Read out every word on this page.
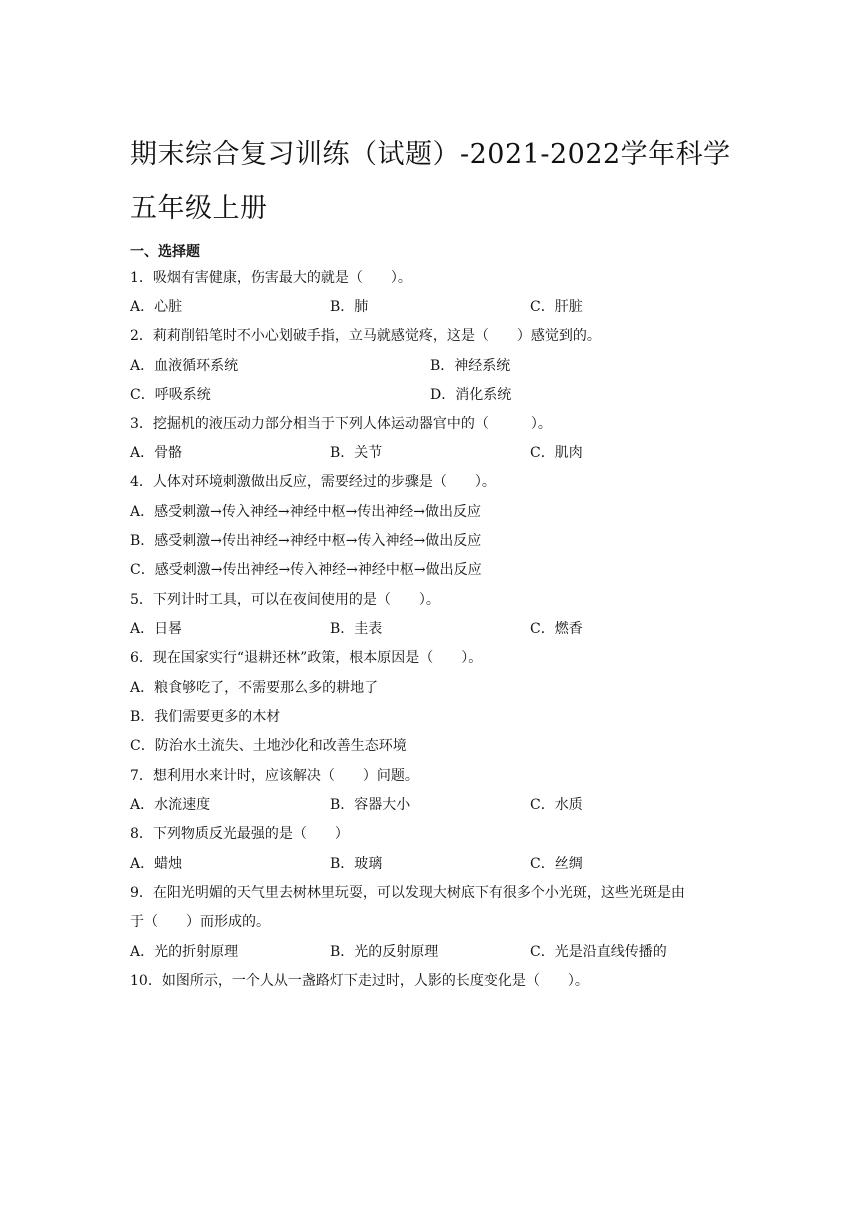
期末综合复习训练（试题）-2021-2022学年科学五年级上册
一、选择题
1．吸烟有害健康，伤害最大的就是（　　）。
A．心脏	B．肺	C．肝脏
2．莉莉削铅笔时不小心划破手指，立马就感觉疼，这是（　　）感觉到的。
A．血液循环系统	B．神经系统
C．呼吸系统	D．消化系统
3．挖掘机的液压动力部分相当于下列人体运动器官中的（　　　）。
A．骨骼	B．关节	C．肌肉
4．人体对环境刺激做出反应，需要经过的步骤是（　　）。
A．感受刺激→传入神经→神经中枢→传出神经→做出反应
B．感受刺激→传出神经→神经中枢→传入神经→做出反应
C．感受刺激→传出神经→传入神经→神经中枢→做出反应
5．下列计时工具，可以在夜间使用的是（　　）。
A．日晷	B．圭表	C．燃香
6．现在国家实行“退耕还林”政策，根本原因是（　　）。
A．粮食够吃了，不需要那么多的耕地了
B．我们需要更多的木材
C．防治水土流失、土地沙化和改善生态环境
7．想利用水来计时，应该解决（　　）问题。
A．水流速度	B．容器大小	C．水质
8．下列物质反光最强的是（　　）
A．蜡烛	B．玻璃	C．丝绸
9．在阳光明媚的天气里去树林里玩耍，可以发现大树底下有很多个小光斑，这些光斑是由
于（　　）而形成的。
A．光的折射原理	B．光的反射原理	C．光是沿直线传播的
10．如图所示，一个人从一盏路灯下走过时，人影的长度变化是（　　）。
